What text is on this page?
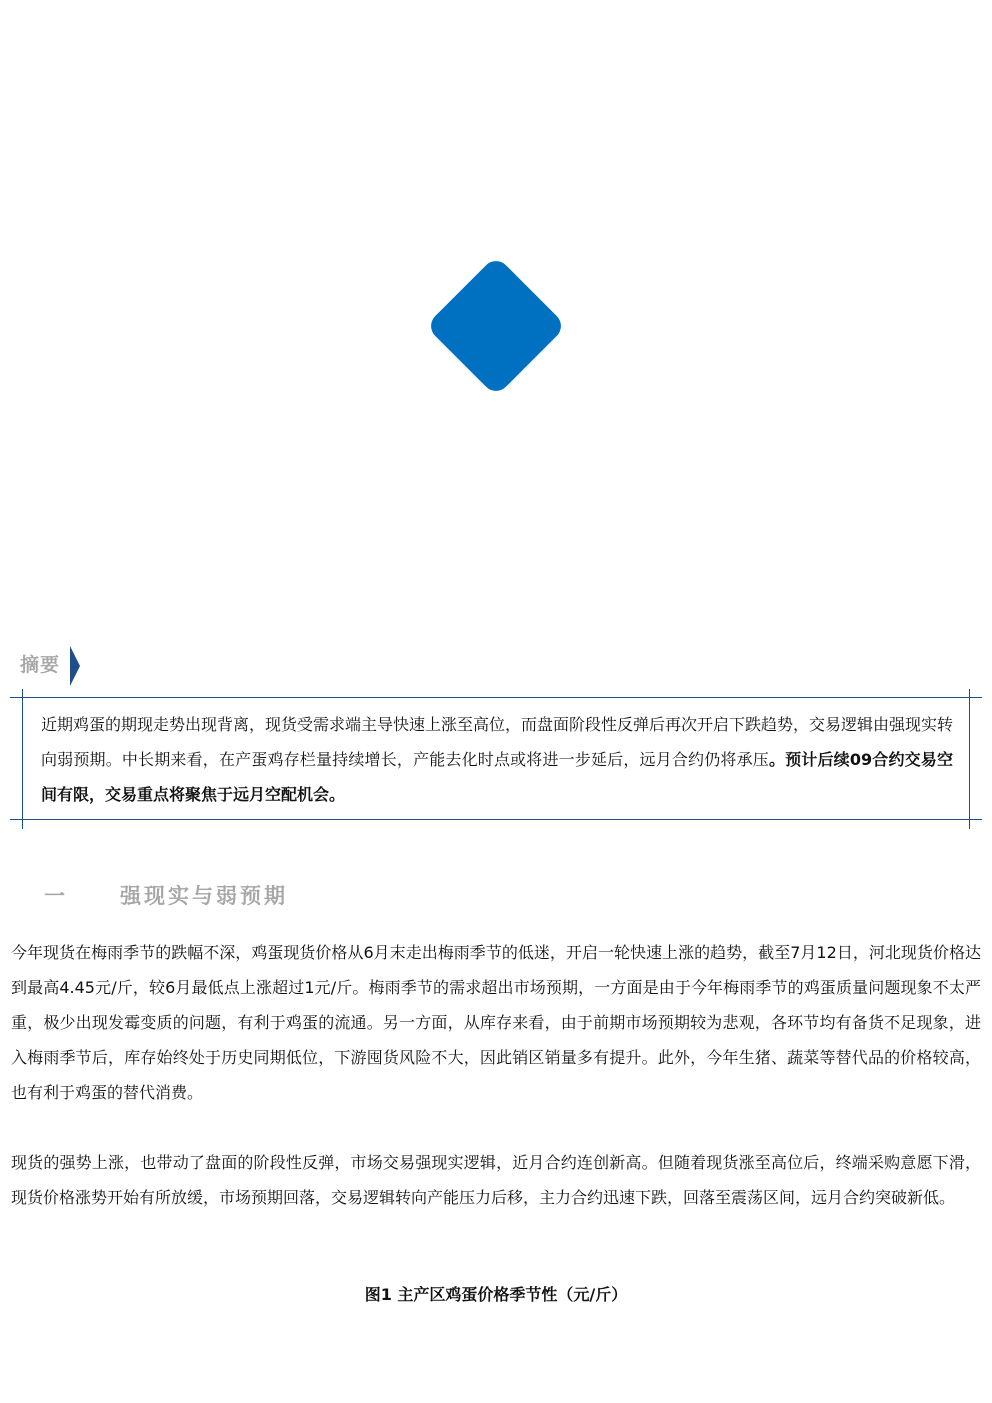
摘要
近期鸡蛋的期现走势出现背离，现货受需求端主导快速上涨至高位，而盘面阶段性反弹后再次开启下跌趋势，交易逻辑由强现实转向弱预期。中长期来看，在产蛋鸡存栏量持续增长，产能去化时点或将进一步延后，远月合约仍将承压。预计后续09合约交易空间有限，交易重点将聚焦于远月空配机会。
一 强现实与弱预期

今年现货在梅雨季节的跌幅不深，鸡蛋现货价格从6月末走出梅雨季节的低迷，开启一轮快速上涨的趋势，截至7月12日，河北现货价格达到最高4.45元/斤，较6月最低点上涨超过1元/斤。梅雨季节的需求超出市场预期，一方面是由于今年梅雨季节的鸡蛋质量问题现象不太严重，极少出现发霉变质的问题，有利于鸡蛋的流通。另一方面，从库存来看，由于前期市场预期较为悲观，各环节均有备货不足现象，进入梅雨季节后，库存始终处于历史同期低位，下游囤货风险不大，因此销区销量多有提升。此外，今年生猪、蔬菜等替代品的价格较高，也有利于鸡蛋的替代消费。

现货的强势上涨，也带动了盘面的阶段性反弹，市场交易强现实逻辑，近月合约连创新高。但随着现货涨至高位后，终端采购意愿下滑，现货价格涨势开始有所放缓，市场预期回落，交易逻辑转向产能压力后移，主力合约迅速下跌，回落至震荡区间，远月合约突破新低。

图1 主产区鸡蛋价格季节性（元/斤）
